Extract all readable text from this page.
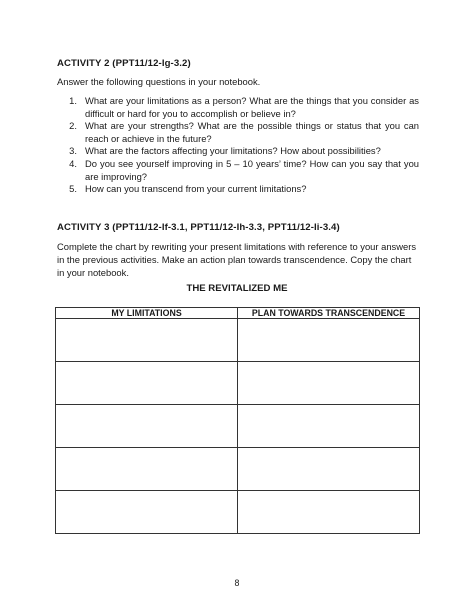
ACTIVITY 2 (PPT11/12-Ig-3.2)
Answer the following questions in your notebook.
1. What are your limitations as a person? What are the things that you consider as difficult or hard for you to accomplish or believe in?
2. What are your strengths? What are the possible things or status that you can reach or achieve in the future?
3. What are the factors affecting your limitations? How about possibilities?
4. Do you see yourself improving in 5 – 10 years’ time? How can you say that you are improving?
5. How can you transcend from your current limitations?
ACTIVITY 3 (PPT11/12-If-3.1, PPT11/12-Ih-3.3, PPT11/12-Ii-3.4)
Complete the chart by rewriting your present limitations with reference to your answers in the previous activities. Make an action plan towards transcendence. Copy the chart in your notebook.
THE REVITALIZED ME
MY LIMITATIONS	PLAN TOWARDS TRANSCENDENCE

8
